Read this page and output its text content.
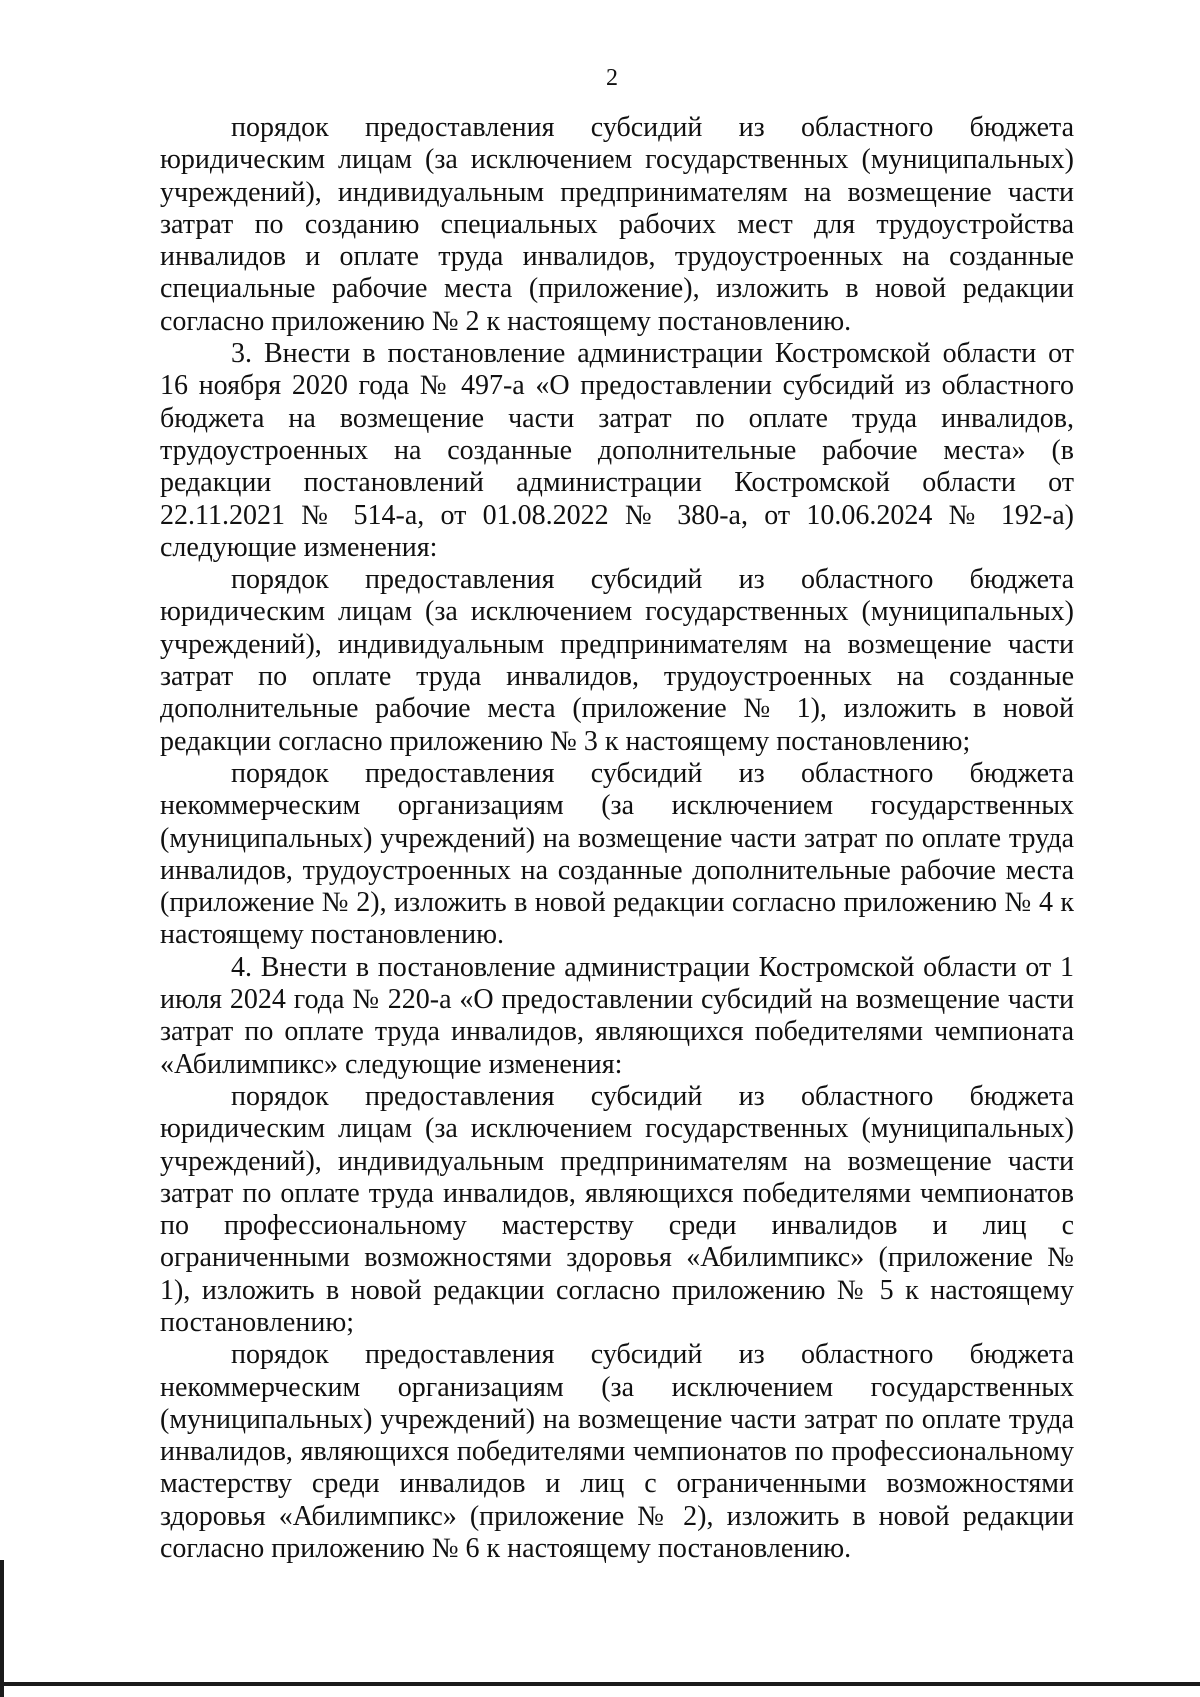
2

порядок предоставления субсидий из областного бюджета юридическим лицам (за исключением государственных (муниципальных) учреждений), индивидуальным предпринимателям на возмещение части затрат по созданию специальных рабочих мест для трудоустройства инвалидов и оплате труда инвалидов, трудоустроенных на созданные специальные рабочие места (приложение), изложить в новой редакции согласно приложению № 2 к настоящему постановлению.

3. Внести в постановление администрации Костромской области от 16 ноября 2020 года № 497-а «О предоставлении субсидий из областного бюджета на возмещение части затрат по оплате труда инвалидов, трудоустроенных на созданные дополнительные рабочие места» (в редакции постановлений администрации Костромской области от 22.11.2021 № 514-а, от 01.08.2022 № 380-а, от 10.06.2024 № 192-а) следующие изменения:

порядок предоставления субсидий из областного бюджета юридическим лицам (за исключением государственных (муниципальных) учреждений), индивидуальным предпринимателям на возмещение части затрат по оплате труда инвалидов, трудоустроенных на созданные дополнительные рабочие места (приложение № 1), изложить в новой редакции согласно приложению № 3 к настоящему постановлению;

порядок предоставления субсидий из областного бюджета некоммерческим организациям (за исключением государственных (муниципальных) учреждений) на возмещение части затрат по оплате труда инвалидов, трудоустроенных на созданные дополнительные рабочие места (приложение № 2), изложить в новой редакции согласно приложению № 4 к настоящему постановлению.

4. Внести в постановление администрации Костромской области от 1 июля 2024 года № 220-а «О предоставлении субсидий на возмещение части затрат по оплате труда инвалидов, являющихся победителями чемпионата «Абилимпикс» следующие изменения:

порядок предоставления субсидий из областного бюджета юридическим лицам (за исключением государственных (муниципальных) учреждений), индивидуальным предпринимателям на возмещение части затрат по оплате труда инвалидов, являющихся победителями чемпионатов по профессиональному мастерству среди инвалидов и лиц с ограниченными возможностями здоровья «Абилимпикс» (приложение № 1), изложить в новой редакции согласно приложению № 5 к настоящему постановлению;

порядок предоставления субсидий из областного бюджета некоммерческим организациям (за исключением государственных (муниципальных) учреждений) на возмещение части затрат по оплате труда инвалидов, являющихся победителями чемпионатов по профессиональному мастерству среди инвалидов и лиц с ограниченными возможностями здоровья «Абилимпикс» (приложение № 2), изложить в новой редакции согласно приложению № 6 к настоящему постановлению.
